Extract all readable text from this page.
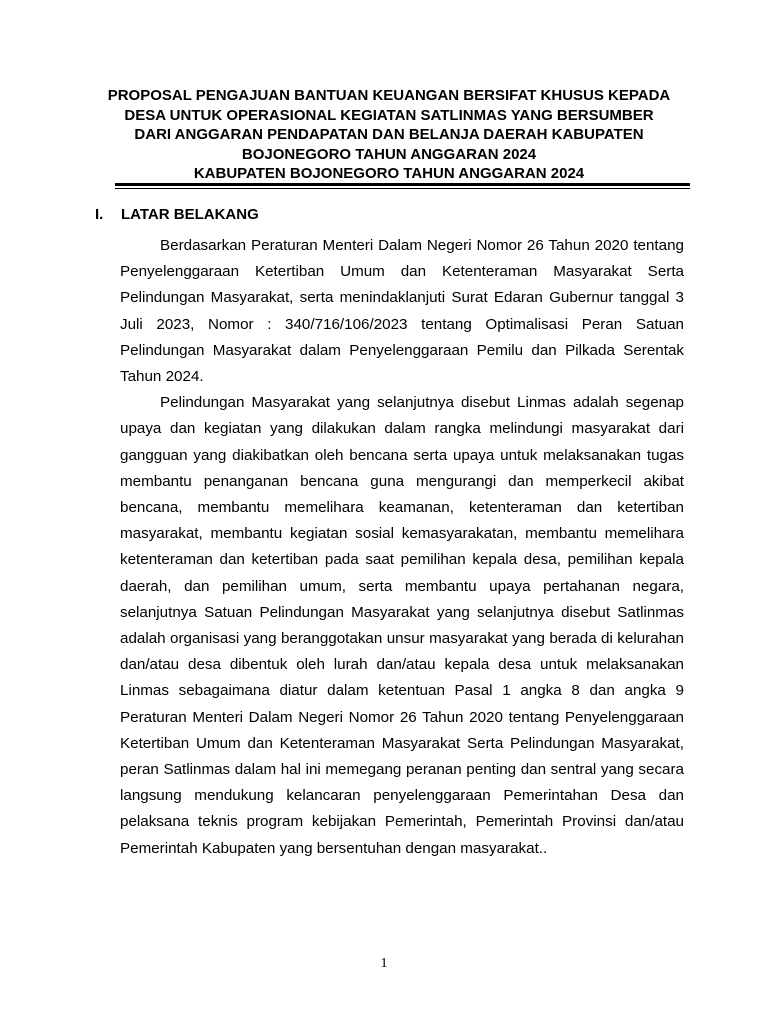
PROPOSAL PENGAJUAN BANTUAN KEUANGAN BERSIFAT KHUSUS KEPADA
DESA UNTUK OPERASIONAL KEGIATAN SATLINMAS YANG BERSUMBER
DARI ANGGARAN PENDAPATAN DAN BELANJA DAERAH KABUPATEN
BOJONEGORO TAHUN ANGGARAN 2024
KABUPATEN BOJONEGORO TAHUN ANGGARAN 2024
I. LATAR BELAKANG

Berdasarkan Peraturan Menteri Dalam Negeri Nomor 26 Tahun 2020 tentang Penyelenggaraan Ketertiban Umum dan Ketenteraman Masyarakat Serta Pelindungan Masyarakat, serta menindaklanjuti Surat Edaran Gubernur tanggal 3 Juli 2023, Nomor : 340/716/106/2023 tentang Optimalisasi Peran Satuan Pelindungan Masyarakat dalam Penyelenggaraan Pemilu dan Pilkada Serentak Tahun 2024.

Pelindungan Masyarakat yang selanjutnya disebut Linmas adalah segenap upaya dan kegiatan yang dilakukan dalam rangka melindungi masyarakat dari gangguan yang diakibatkan oleh bencana serta upaya untuk melaksanakan tugas membantu penanganan bencana guna mengurangi dan memperkecil akibat bencana, membantu memelihara keamanan, ketenteraman dan ketertiban masyarakat, membantu kegiatan sosial kemasyarakatan, membantu memelihara ketenteraman dan ketertiban pada saat pemilihan kepala desa, pemilihan kepala daerah, dan pemilihan umum, serta membantu upaya pertahanan negara, selanjutnya Satuan Pelindungan Masyarakat yang selanjutnya disebut Satlinmas adalah organisasi yang beranggotakan unsur masyarakat yang berada di kelurahan dan/atau desa dibentuk oleh lurah dan/atau kepala desa untuk melaksanakan Linmas sebagaimana diatur dalam ketentuan Pasal 1 angka 8 dan angka 9 Peraturan Menteri Dalam Negeri Nomor 26 Tahun 2020 tentang Penyelenggaraan Ketertiban Umum dan Ketenteraman Masyarakat Serta Pelindungan Masyarakat, peran Satlinmas dalam hal ini memegang peranan penting dan sentral yang secara langsung mendukung kelancaran penyelenggaraan Pemerintahan Desa dan pelaksana teknis program kebijakan Pemerintah, Pemerintah Provinsi dan/atau Pemerintah Kabupaten yang bersentuhan dengan masyarakat..

1
